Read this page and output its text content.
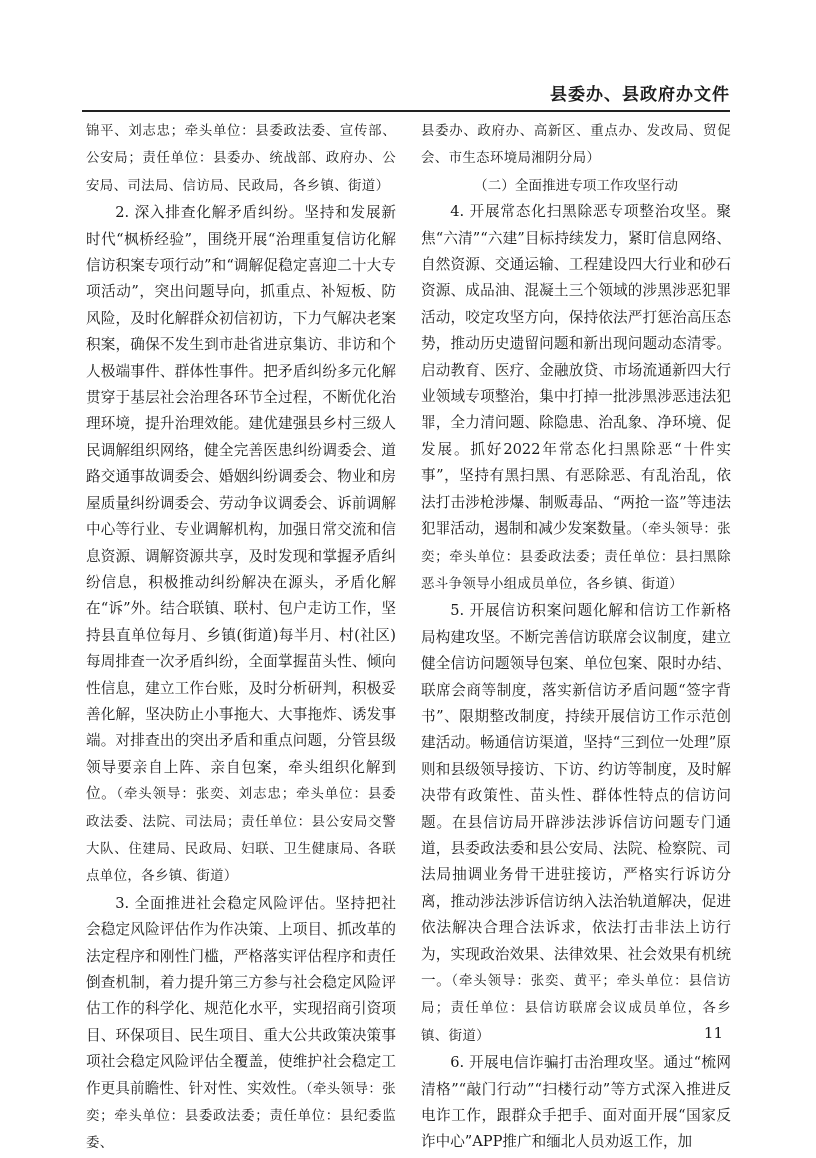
县委办、县政府办文件

锦平、刘志忠；牵头单位：县委政法委、宣传部、公安局；责任单位：县委办、统战部、政府办、公安局、司法局、信访局、民政局，各乡镇、街道）

2. 深入排查化解矛盾纠纷。坚持和发展新时代“枫桥经验”，围绕开展“治理重复信访化解信访积案专项行动”和“调解促稳定喜迎二十大专项活动”，突出问题导向，抓重点、补短板、防风险，及时化解群众初信初访，下力气解决老案积案，确保不发生到市赴省进京集访、非访和个人极端事件、群体性事件。把矛盾纠纷多元化解贯穿于基层社会治理各环节全过程，不断优化治理环境，提升治理效能。建优建强县乡村三级人民调解组织网络，健全完善医患纠纷调委会、道路交通事故调委会、婚姻纠纷调委会、物业和房屋质量纠纷调委会、劳动争议调委会、诉前调解中心等行业、专业调解机构，加强日常交流和信息资源、调解资源共享，及时发现和掌握矛盾纠纷信息，积极推动纠纷解决在源头，矛盾化解在“诉”外。结合联镇、联村、包户走访工作，坚持县直单位每月、乡镇(街道)每半月、村(社区)每周排查一次矛盾纠纷，全面掌握苗头性、倾向性信息，建立工作台账，及时分析研判，积极妥善化解，坚决防止小事拖大、大事拖炸、诱发事端。对排查出的突出矛盾和重点问题，分管县级领导要亲自上阵、亲自包案，牵头组织化解到位。（牵头领导：张奕、刘志忠；牵头单位：县委政法委、法院、司法局；责任单位：县公安局交警大队、住建局、民政局、妇联、卫生健康局、各联点单位，各乡镇、街道）

3. 全面推进社会稳定风险评估。坚持把社会稳定风险评估作为作决策、上项目、抓改革的法定程序和刚性门槛，严格落实评估程序和责任倒查机制，着力提升第三方参与社会稳定风险评估工作的科学化、规范化水平，实现招商引资项目、环保项目、民生项目、重大公共政策决策事项社会稳定风险评估全覆盖，使维护社会稳定工作更具前瞻性、针对性、实效性。（牵头领导：张奕；牵头单位：县委政法委；责任单位：县纪委监委、

县委办、政府办、高新区、重点办、发改局、贸促会、市生态环境局湘阴分局）

（二）全面推进专项工作攻坚行动

4. 开展常态化扫黑除恶专项整治攻坚。聚焦“六清”“六建”目标持续发力，紧盯信息网络、自然资源、交通运输、工程建设四大行业和砂石资源、成品油、混凝土三个领域的涉黑涉恶犯罪活动，咬定攻坚方向，保持依法严打惩治高压态势，推动历史遗留问题和新出现问题动态清零。启动教育、医疗、金融放贷、市场流通新四大行业领域专项整治，集中打掉一批涉黑涉恶违法犯罪，全力清问题、除隐患、治乱象、净环境、促发展。抓好2022年常态化扫黑除恶“十件实事”，坚持有黑扫黑、有恶除恶、有乱治乱，依法打击涉枪涉爆、制贩毒品、“两抢一盗”等违法犯罪活动，遏制和减少发案数量。（牵头领导：张奕；牵头单位：县委政法委；责任单位：县扫黑除恶斗争领导小组成员单位，各乡镇、街道）

5. 开展信访积案问题化解和信访工作新格局构建攻坚。不断完善信访联席会议制度，建立健全信访问题领导包案、单位包案、限时办结、联席会商等制度，落实新信访矛盾问题“签字背书”、限期整改制度，持续开展信访工作示范创建活动。畅通信访渠道，坚持“三到位一处理”原则和县级领导接访、下访、约访等制度，及时解决带有政策性、苗头性、群体性特点的信访问题。在县信访局开辟涉法涉诉信访问题专门通道，县委政法委和县公安局、法院、检察院、司法局抽调业务骨干进驻接访，严格实行诉访分离，推动涉法涉诉信访纳入法治轨道解决，促进依法解决合理合法诉求，依法打击非法上访行为，实现政治效果、法律效果、社会效果有机统一。（牵头领导：张奕、黄平；牵头单位：县信访局；责任单位：县信访联席会议成员单位，各乡镇、街道）

6. 开展电信诈骗打击治理攻坚。通过“梳网清格”“敲门行动”“扫楼行动”等方式深入推进反电诈工作，跟群众手把手、面对面开展“国家反诈中心”APP推广和缅北人员劝返工作，加

11
